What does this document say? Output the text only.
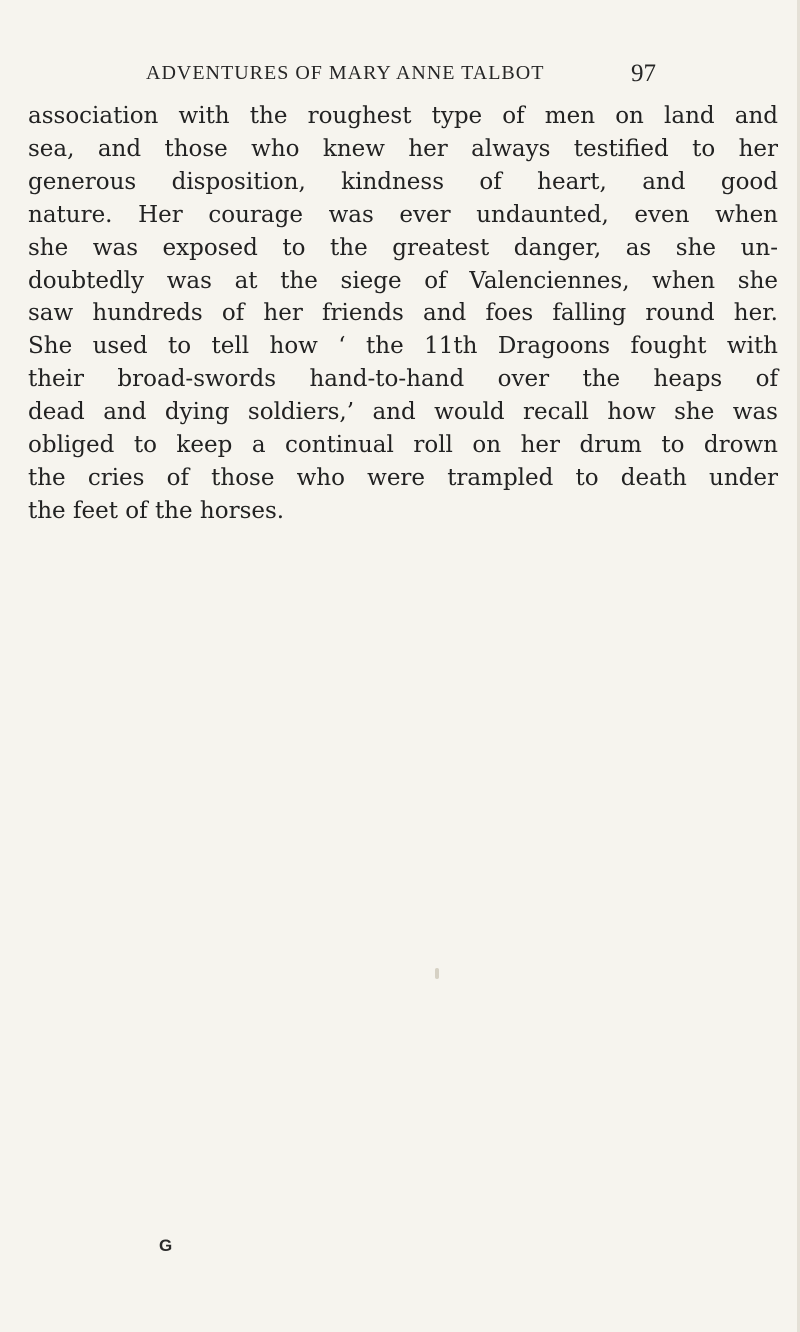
ADVENTURES OF MARY ANNE TALBOT	97

association with the roughest type of men on land and
sea, and those who knew her always testified to her
generous disposition, kindness of heart, and good
nature. Her courage was ever undaunted, even when
she was exposed to the greatest danger, as she un-
doubtedly was at the siege of Valenciennes, when she
saw hundreds of her friends and foes falling round her.
She used to tell how ‘ the 11th Dragoons fought with
their broad-swords hand-to-hand over the heaps of
dead and dying soldiers,’ and would recall how she was
obliged to keep a continual roll on her drum to drown
the cries of those who were trampled to death under
the feet of the horses.

G
